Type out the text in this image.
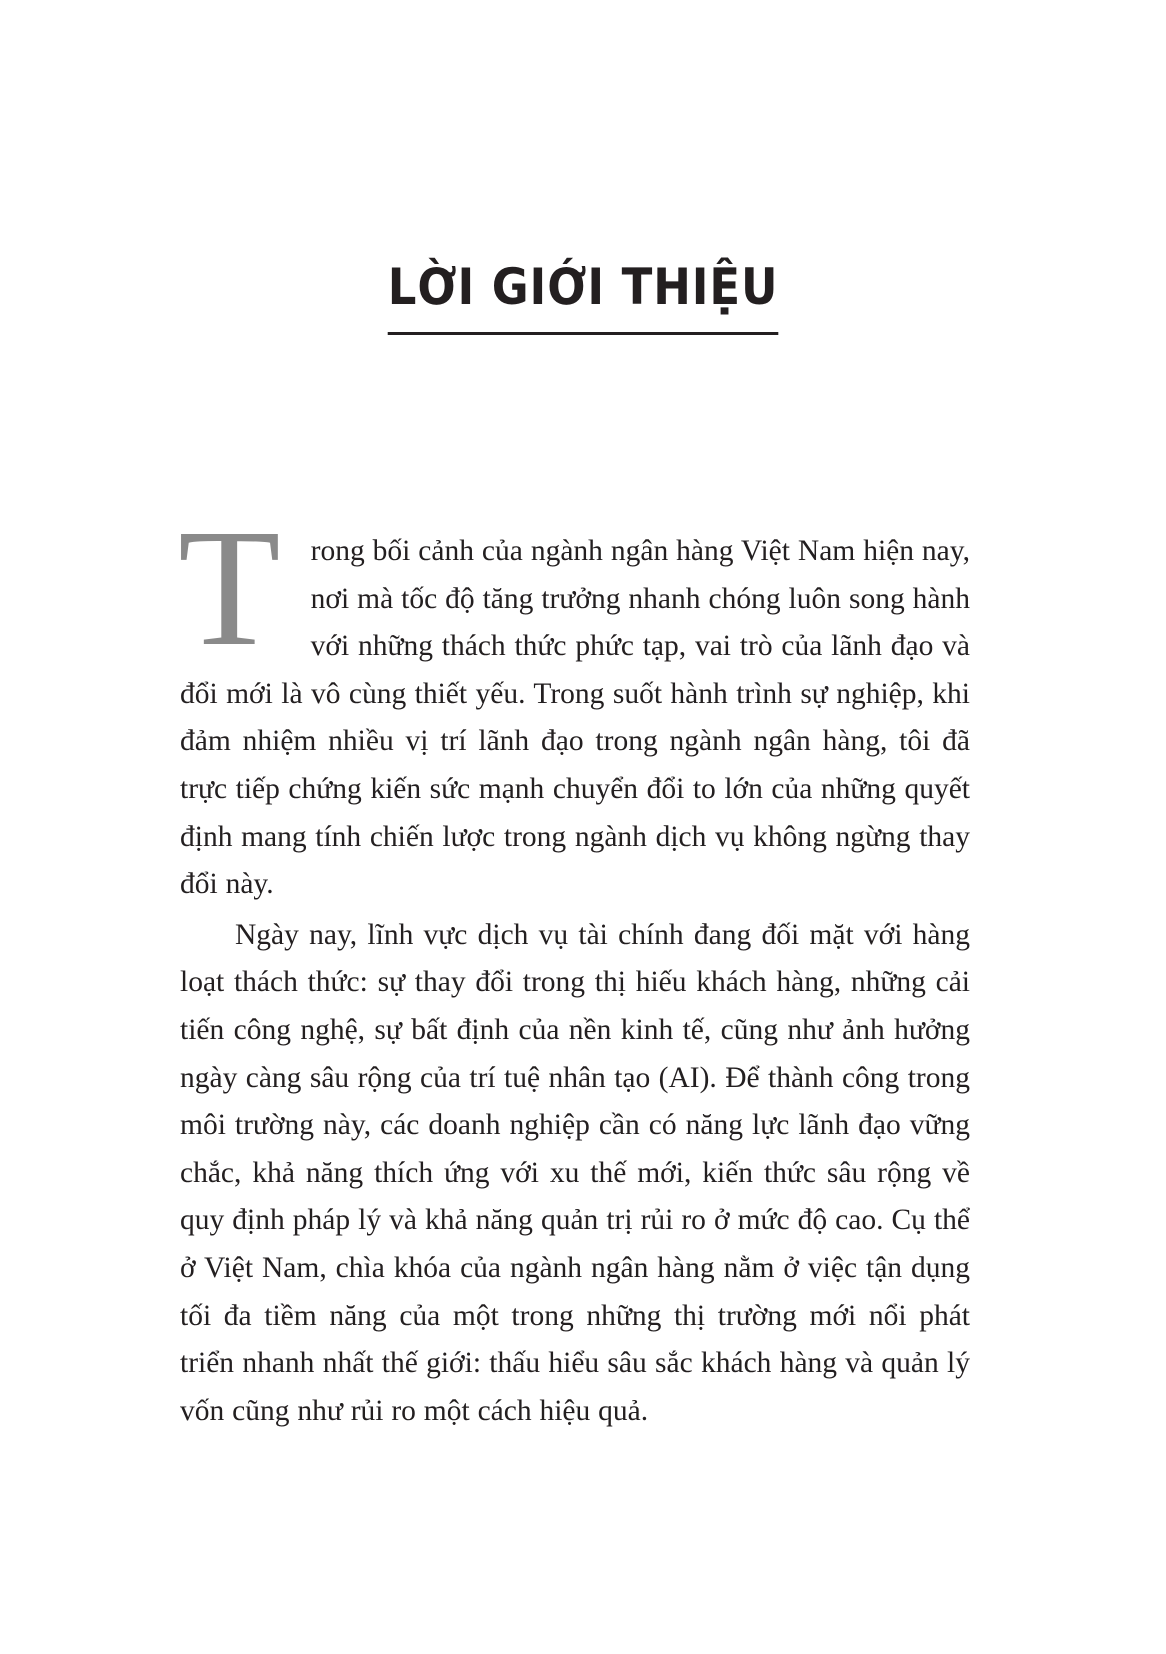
LỜI GIỚI THIỆU

T rong bối cảnh của ngành ngân hàng Việt Nam hiện nay, nơi mà tốc độ tăng trưởng nhanh chóng luôn song hành với những thách thức phức tạp, vai trò của lãnh đạo và đổi mới là vô cùng thiết yếu. Trong suốt hành trình sự nghiệp, khi đảm nhiệm nhiều vị trí lãnh đạo trong ngành ngân hàng, tôi đã trực tiếp chứng kiến sức mạnh chuyển đổi to lớn của những quyết định mang tính chiến lược trong ngành dịch vụ không ngừng thay đổi này.

Ngày nay, lĩnh vực dịch vụ tài chính đang đối mặt với hàng loạt thách thức: sự thay đổi trong thị hiếu khách hàng, những cải tiến công nghệ, sự bất định của nền kinh tế, cũng như ảnh hưởng ngày càng sâu rộng của trí tuệ nhân tạo (AI). Để thành công trong môi trường này, các doanh nghiệp cần có năng lực lãnh đạo vững chắc, khả năng thích ứng với xu thế mới, kiến thức sâu rộng về quy định pháp lý và khả năng quản trị rủi ro ở mức độ cao. Cụ thể ở Việt Nam, chìa khóa của ngành ngân hàng nằm ở việc tận dụng tối đa tiềm năng của một trong những thị trường mới nổi phát triển nhanh nhất thế giới: thấu hiểu sâu sắc khách hàng và quản lý vốn cũng như rủi ro một cách hiệu quả.
